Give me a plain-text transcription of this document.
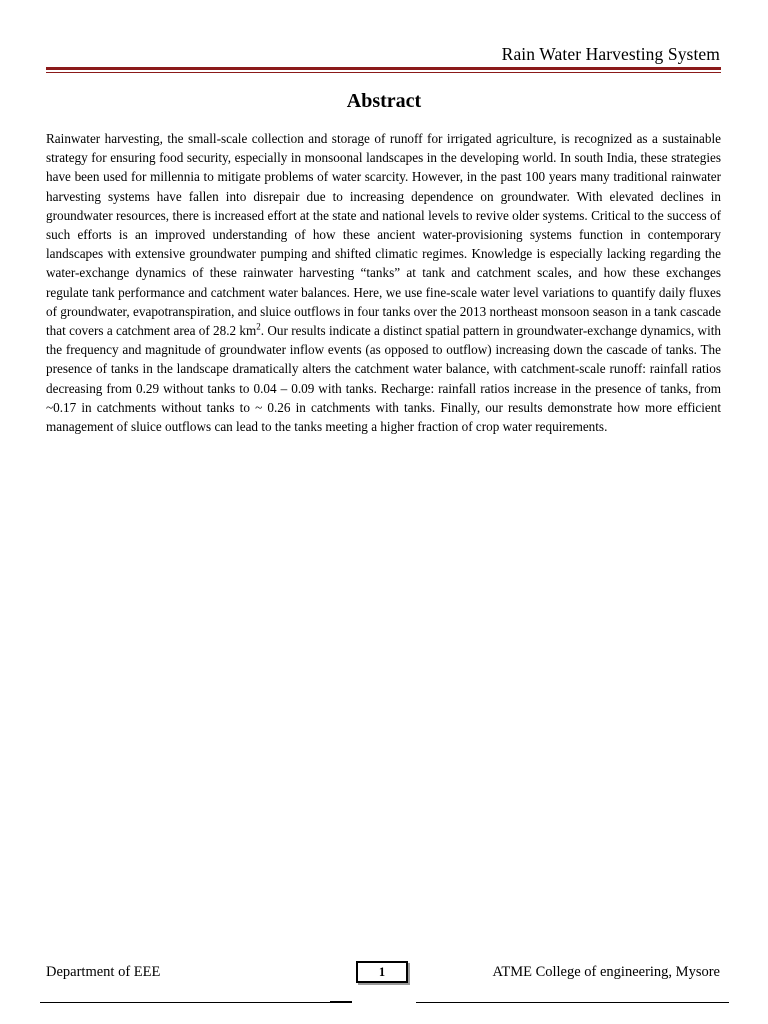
Rain Water Harvesting System
Abstract

Rainwater harvesting, the small-scale collection and storage of runoff for irrigated agriculture, is recognized as a sustainable strategy for ensuring food security, especially in monsoonal landscapes in the developing world. In south India, these strategies have been used for millennia to mitigate problems of water scarcity. However, in the past 100 years many traditional rainwater harvesting systems have fallen into disrepair due to increasing dependence on groundwater. With elevated declines in groundwater resources, there is increased effort at the state and national levels to revive older systems. Critical to the success of such efforts is an improved understanding of how these ancient water-provisioning systems function in contemporary landscapes with extensive groundwater pumping and shifted climatic regimes. Knowledge is especially lacking regarding the water-exchange dynamics of these rainwater harvesting “tanks” at tank and catchment scales, and how these exchanges regulate tank performance and catchment water balances. Here, we use fine-scale water level variations to quantify daily fluxes of groundwater, evapotranspiration, and sluice outflows in four tanks over the 2013 northeast monsoon season in a tank cascade that covers a catchment area of 28.2 $km^2$. Our results indicate a distinct spatial pattern in groundwater-exchange dynamics, with the frequency and magnitude of groundwater inflow events (as opposed to outflow) increasing down the cascade of tanks. The presence of tanks in the landscape dramatically alters the catchment water balance, with catchment-scale runoff: rainfall ratios decreasing from 0.29 without tanks to 0.04 – 0.09 with tanks. Recharge: rainfall ratios increase in the presence of tanks, from ~0.17 in catchments without tanks to ~ 0.26 in catchments with tanks. Finally, our results demonstrate how more efficient management of sluice outflows can lead to the tanks meeting a higher fraction of crop water requirements.

Department of EEE	1	ATME College of engineering, Mysore
